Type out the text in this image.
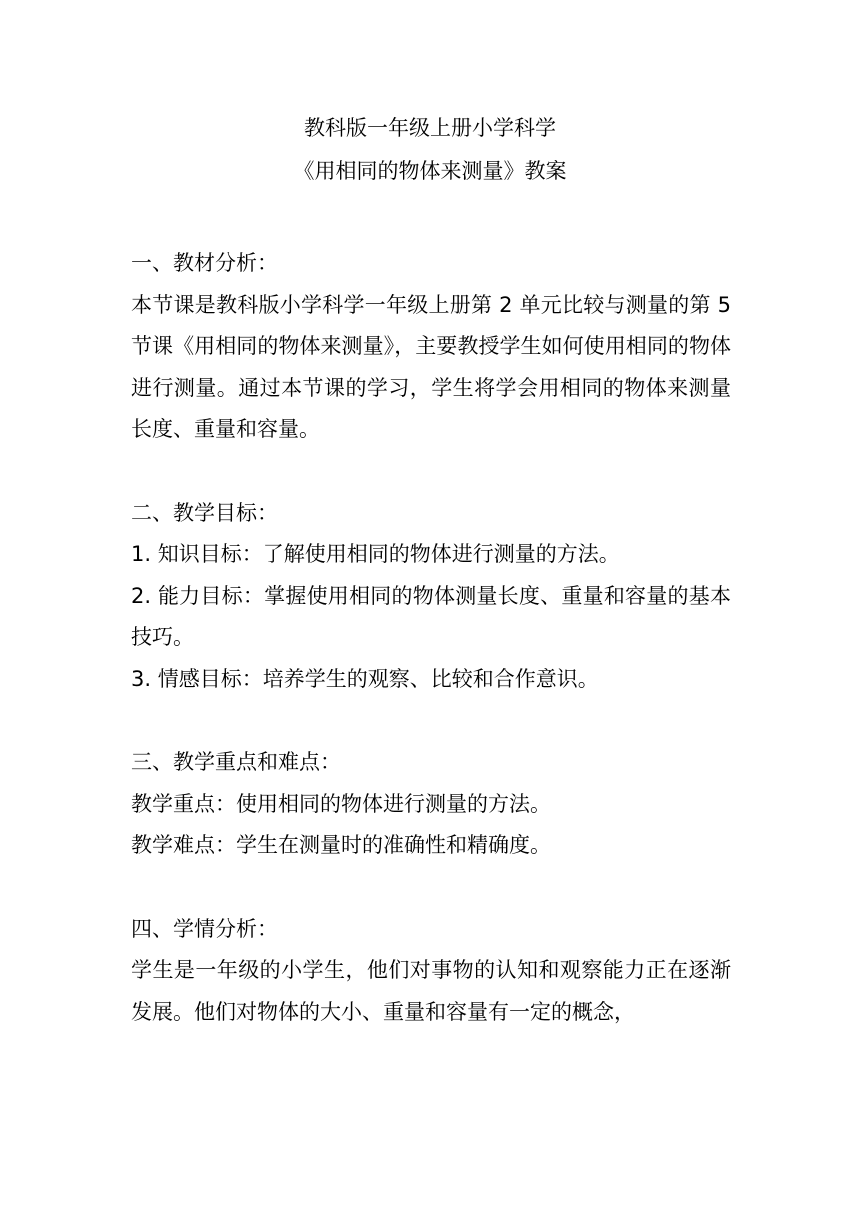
教科版一年级上册小学科学
《用相同的物体来测量》教案

一、教材分析：

本节课是教科版小学科学一年级上册第 2 单元比较与测量的第 5 节课《用相同的物体来测量》，主要教授学生如何使用相同的物体进行测量。通过本节课的学习，学生将学会用相同的物体来测量长度、重量和容量。

二、教学目标：

1. 知识目标：了解使用相同的物体进行测量的方法。

2. 能力目标：掌握使用相同的物体测量长度、重量和容量的基本技巧。

3. 情感目标：培养学生的观察、比较和合作意识。

三、教学重点和难点：

教学重点：使用相同的物体进行测量的方法。

教学难点：学生在测量时的准确性和精确度。

四、学情分析：

学生是一年级的小学生，他们对事物的认知和观察能力正在逐渐发展。他们对物体的大小、重量和容量有一定的概念，
